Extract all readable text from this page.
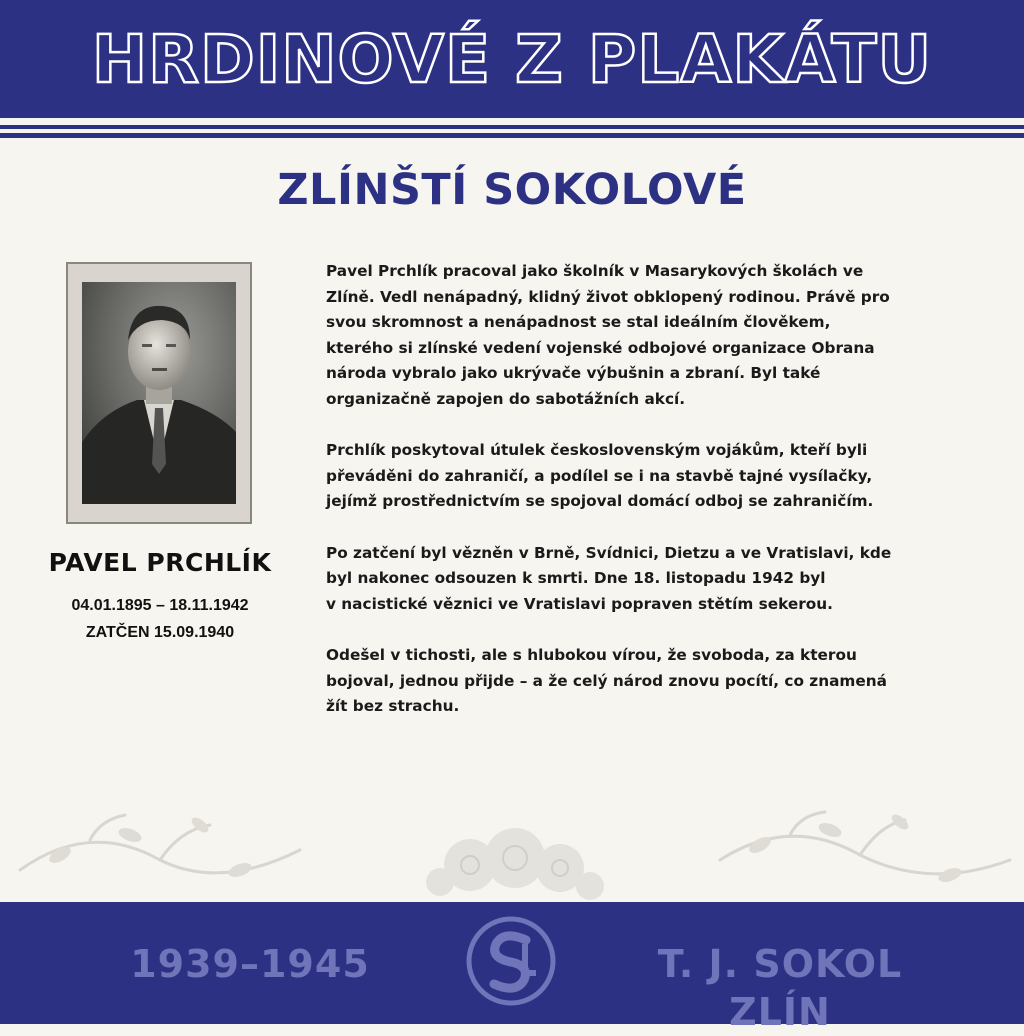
HRDINOVÉ Z PLAKÁTU
ZLÍNŠTÍ SOKOLOVÉ
PAVEL PRCHLÍK
04.01.1895 – 18.11.1942
ZATČEN 15.09.1940

Pavel Prchlík pracoval jako školník v Masarykových školách ve
Zlíně. Vedl nenápadný, klidný život obklopený rodinou. Právě pro
svou skromnost a nenápadnost se stal ideálním člověkem,
kterého si zlínské vedení vojenské odbojové organizace Obrana
národa vybralo jako ukrývače výbušnin a zbraní. Byl také
organizačně zapojen do sabotážních akcí.

Prchlík poskytoval útulek československým vojákům, kteří byli
převáděni do zahraničí, a podílel se i na stavbě tajné vysílačky,
jejímž prostřednictvím se spojoval domácí odboj se zahraničím.

Po zatčení byl vězněn v Brně, Svídnici, Dietzu a ve Vratislavi, kde
byl nakonec odsouzen k smrti. Dne 18. listopadu 1942 byl
v nacistické věznici ve Vratislavi popraven stětím sekerou.

Odešel v tichosti, ale s hlubokou vírou, že svoboda, za kterou
bojoval, jednou přijde – a že celý národ znovu pocítí, co znamená
žít bez strachu.

1939–1945	T. J. SOKOL ZLÍN
